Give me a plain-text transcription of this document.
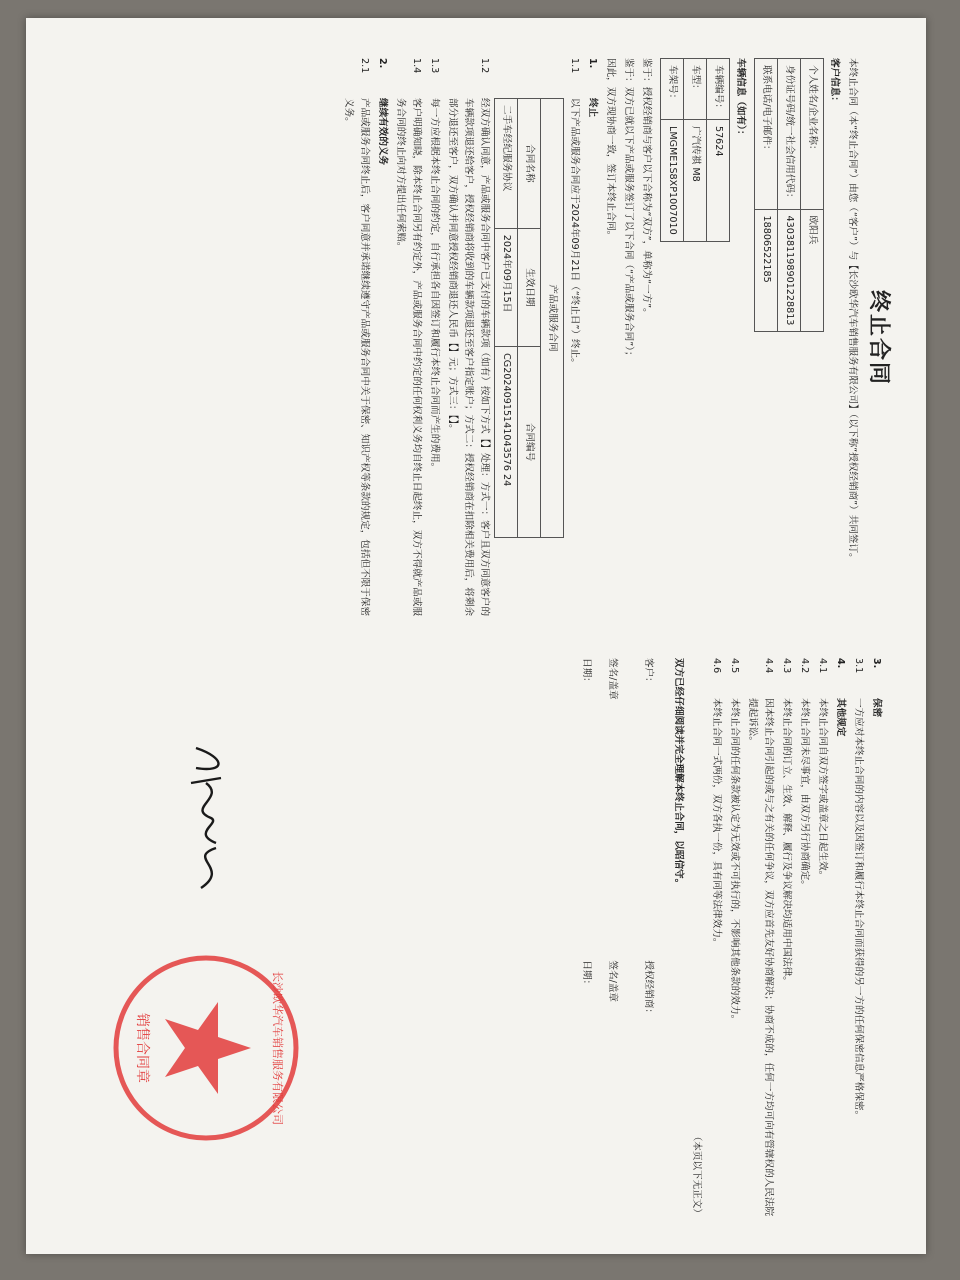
终止合同
本终止合同（本“终止合同”）由您（“客户”）与【长沙欧华汽车销售服务有限公司】（以下称“授权经销商”）共同签订。
客户信息：
个人姓名/企业名称：	欧阳兵
身份证号码/统一社会信用代码：	430381198901228813
联系电话/电子邮件：	18806522185
车辆信息（如有）：
车辆编号：	57624
车型：	广汽传祺 M8
车架号：	LMGME1S8XP1007010
鉴于：授权经销商与客户以下合称为“双方”，单称为“一方”。
鉴于：双方已就以下产品或服务签订了以下合同（“产品或服务合同”）；
因此，双方现协商一致，签订本终止合同。
1.
终止
1.1
以下产品或服务合同应于2024年09月21日（“终止日”）终止。
产品或服务合同		
合同名称	生效日期	合同编号
二手车经纪服务协议	2024年09月15日	CG20240915141043576 24
1.2
经双方确认同意，产品或服务合同中客户已支付的车辆款项（如有）按如下方式【】处理：方式一：客户且双方同意客户的车辆款项退还给客户，授权经销商将收到的车辆款项退还至客户指定账户；方式二：授权经销商在扣除相关费用后，将剩余部分退还至客户，双方确认并同意授权经销商退还人民币【】元；方式三：【】。
1.3
每一方应根据本终止合同的约定，自行承担各自因签订和履行本终止合同而产生的费用。
1.4
客户明确知晓，除本终止合同另有约定外，产品或服务合同中约定的任何权利义务均自终止日起终止，双方不得就产品或服务合同的终止向对方提出任何索赔。
2.
继续有效的义务
2.1
产品或服务合同终止后，客户同意并承诺继续遵守产品或服务合同中关于保密、知识产权等条款的规定，包括但不限于保密义务。
3.
保密
3.1
一方应对本终止合同的内容以及因签订和履行本终止合同而获得的另一方的任何保密信息严格保密。
4.
其他规定
4.1
本终止合同自双方签字或盖章之日起生效。
4.2
本终止合同未尽事宜，由双方另行协商确定。
4.3
本终止合同的订立、生效、解释、履行及争议解决均适用中国法律。
4.4
因本终止合同引起的或与之有关的任何争议，双方应首先友好协商解决；协商不成的，任何一方均可向有管辖权的人民法院提起诉讼。
4.5
本终止合同的任何条款被认定为无效或不可执行的，不影响其他条款的效力。
4.6
本终止合同一式两份，双方各执一份，具有同等法律效力。
（本页以下无正文）
双方已经仔细阅读并完全理解本终止合同，以昭信守。
客户：
签名/盖章
日期：
授权经销商：
签名/盖章
日期：
销售合同章	长沙欧华汽车销售服务有限公司
